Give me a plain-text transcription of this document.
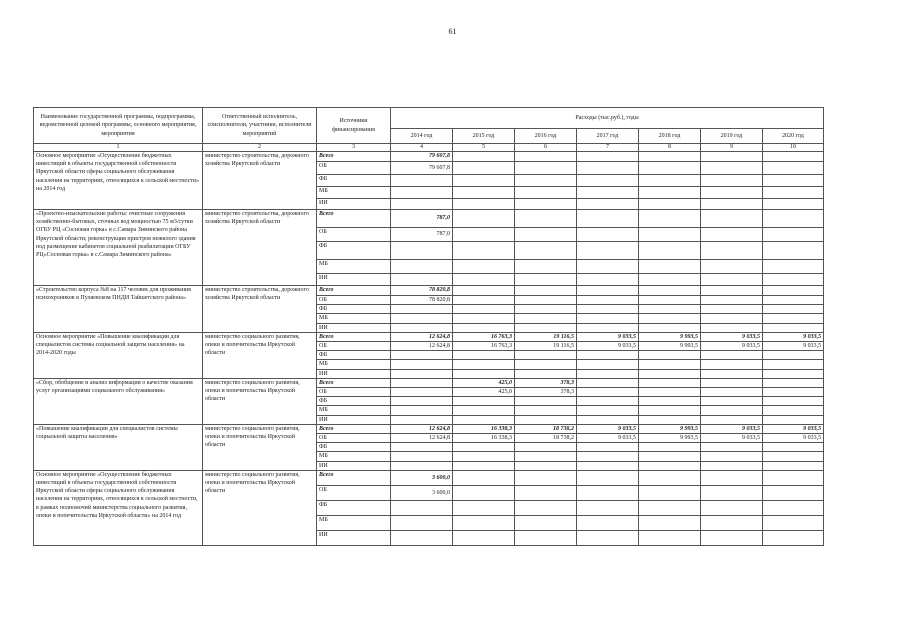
61
Наименование государственной программы, подпрограммы, ведомственной целевой программы, основного мероприятия, мероприятия	Ответственный исполнитель, соисполнители, участники, исполнители мероприятий	Источники финансирования	Расходы (тыс.руб.), годы						
			2014 год	2015 год	2016 год	2017 год	2018 год	2019 год	2020 год
1	2	3	4	5	6	7	8	9	10
Основное мероприятие «Осуществление бюджетных инвестиций в объекты государственной собственности Иркутской области сферы социального обслуживания населения на территориях, относящихся к сельской местности» на 2014 год	министерство строительства, дорожного хозяйства Иркутской области	Всего	79 607,8						
		ОБ	79 607,8						
		ФБ							
		МБ							
		ИИ							
«Проектно-изыскательские работы: очистные сооружения хозяйственно-бытовых, сточных вод мощностью 75 м3/сутки ОГБУ РЦ «Сосновая горка» в с.Самара Зиминского района Иркутской области; реконструкция пристроя нежилого здания под размещение кабинетов социальной реабилитации ОГБУ РЦ«Сосновая горка» в с.Самара Зиминского района»	министерство строительства, дорожного хозяйства Иркутской области	Всего	787,0						
		ОБ	787,0						
		ФБ							
		МБ							
		ИИ							
«Строительство корпуса №8 на 117 человек для проживания психохроников в Пуляевском ПНДИ Тайшетского района»	министерство строительства, дорожного хозяйства Иркутской области	Всего	78 820,8						
		ОБ	78 820,8						
		ФБ							
		МБ							
		ИИ							
Основное мероприятие «Повышение квалификации для специалистов системы социальной защиты населения» на 2014-2020 годы	министерство социального развития, опеки и попечительства Иркутской области	Всего	12 624,8	16 763,3	19 116,5	9 033,5	9 993,5	9 033,5	9 033,5
		ОБ	12 624,8	16 763,3	19 116,5	9 033,5	9 993,5	9 033,5	9 033,5
		ФБ							
		МБ							
		ИИ							
«Сбор, обобщение и анализ информации о качестве оказания услуг организациями социального обслуживания»	министерство социального развития, опеки и попечительства Иркутской области	Всего		425,0	378,3				
		ОБ		425,0	378,3				
		ФБ							
		МБ							
		ИИ							
«Повышение квалификации для специалистов системы социальной защиты населения»	министерство социального развития, опеки и попечительства Иркутской области	Всего	12 624,8	16 338,3	18 738,2	9 033,5	9 993,5	9 033,5	9 033,5
		ОБ	12 624,8	16 338,3	18 738,2	9 033,5	9 993,5	9 033,5	9 033,5
		ФБ							
		МБ							
		ИИ							
Основное мероприятие «Осуществление бюджетных инвестиций в объекты государственной собственности Иркутской области сферы социального обслуживания населения на территориях, относящихся к сельской местности, в рамках полномочий министерства социального развития, опеки и попечительства Иркутской области» на 2014 год	министерство социального развития, опеки и попечительства Иркутской области	Всего	3 600,0						
		ОБ	3 600,0						
		ФБ							
		МБ							
		ИИ							
